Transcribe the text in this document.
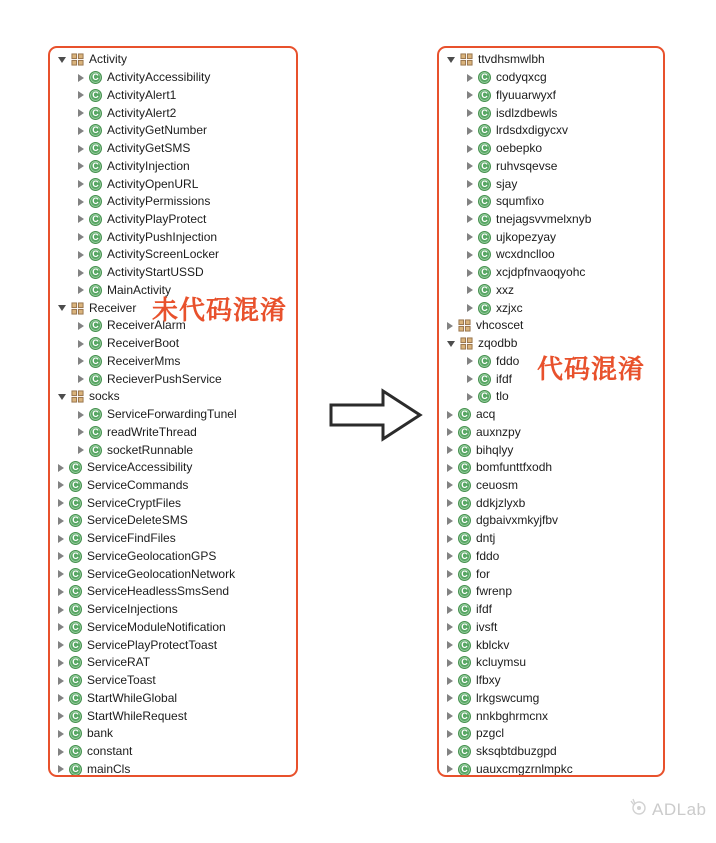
Activity
C ActivityAccessibility
C ActivityAlert1
C ActivityAlert2
C ActivityGetNumber
C ActivityGetSMS
C ActivityInjection
C ActivityOpenURL
C ActivityPermissions
C ActivityPlayProtect
C ActivityPushInjection
C ActivityScreenLocker
C ActivityStartUSSD
C MainActivity
Receiver
C ReceiverAlarm
C ReceiverBoot
C ReceiverMms
C RecieverPushService
socks
C ServiceForwardingTunel
C readWriteThread
C socketRunnable
C ServiceAccessibility
C ServiceCommands
C ServiceCryptFiles
C ServiceDeleteSMS
C ServiceFindFiles
C ServiceGeolocationGPS
C ServiceGeolocationNetwork
C ServiceHeadlessSmsSend
C ServiceInjections
C ServiceModuleNotification
C ServicePlayProtectToast
C ServiceRAT
C ServiceToast
C StartWhileGlobal
C StartWhileRequest
C bank
C constant
C mainCls
ttvdhsmwlbh
C codyqxcg
C flyuuarwyxf
C isdlzdbewls
C lrdsdxdigycxv
C oebepko
C ruhvsqevse
C sjay
C squmfixo
C tnejagsvvmelxnyb
C ujkopezyay
C wcxdnclloo
C xcjdpfnvaoqyohc
C xxz
C xzjxc
vhcoscet
zqodbb
C fddo
C ifdf
C tlo
C acq
C auxnzpy
C bihqlyy
C bomfunttfxodh
C ceuosm
C ddkjzlyxb
C dgbaivxmkyjfbv
C dntj
C fddo
C for
C fwrenp
C ifdf
C ivsft
C kblckv
C kcluymsu
C lfbxy
C lrkgswcumg
C nnkbghrmcnx
C pzgcl
C sksqbtdbuzgpd
C uauxcmgzrnlmpkc
未代码混淆
代码混淆
ADLab
